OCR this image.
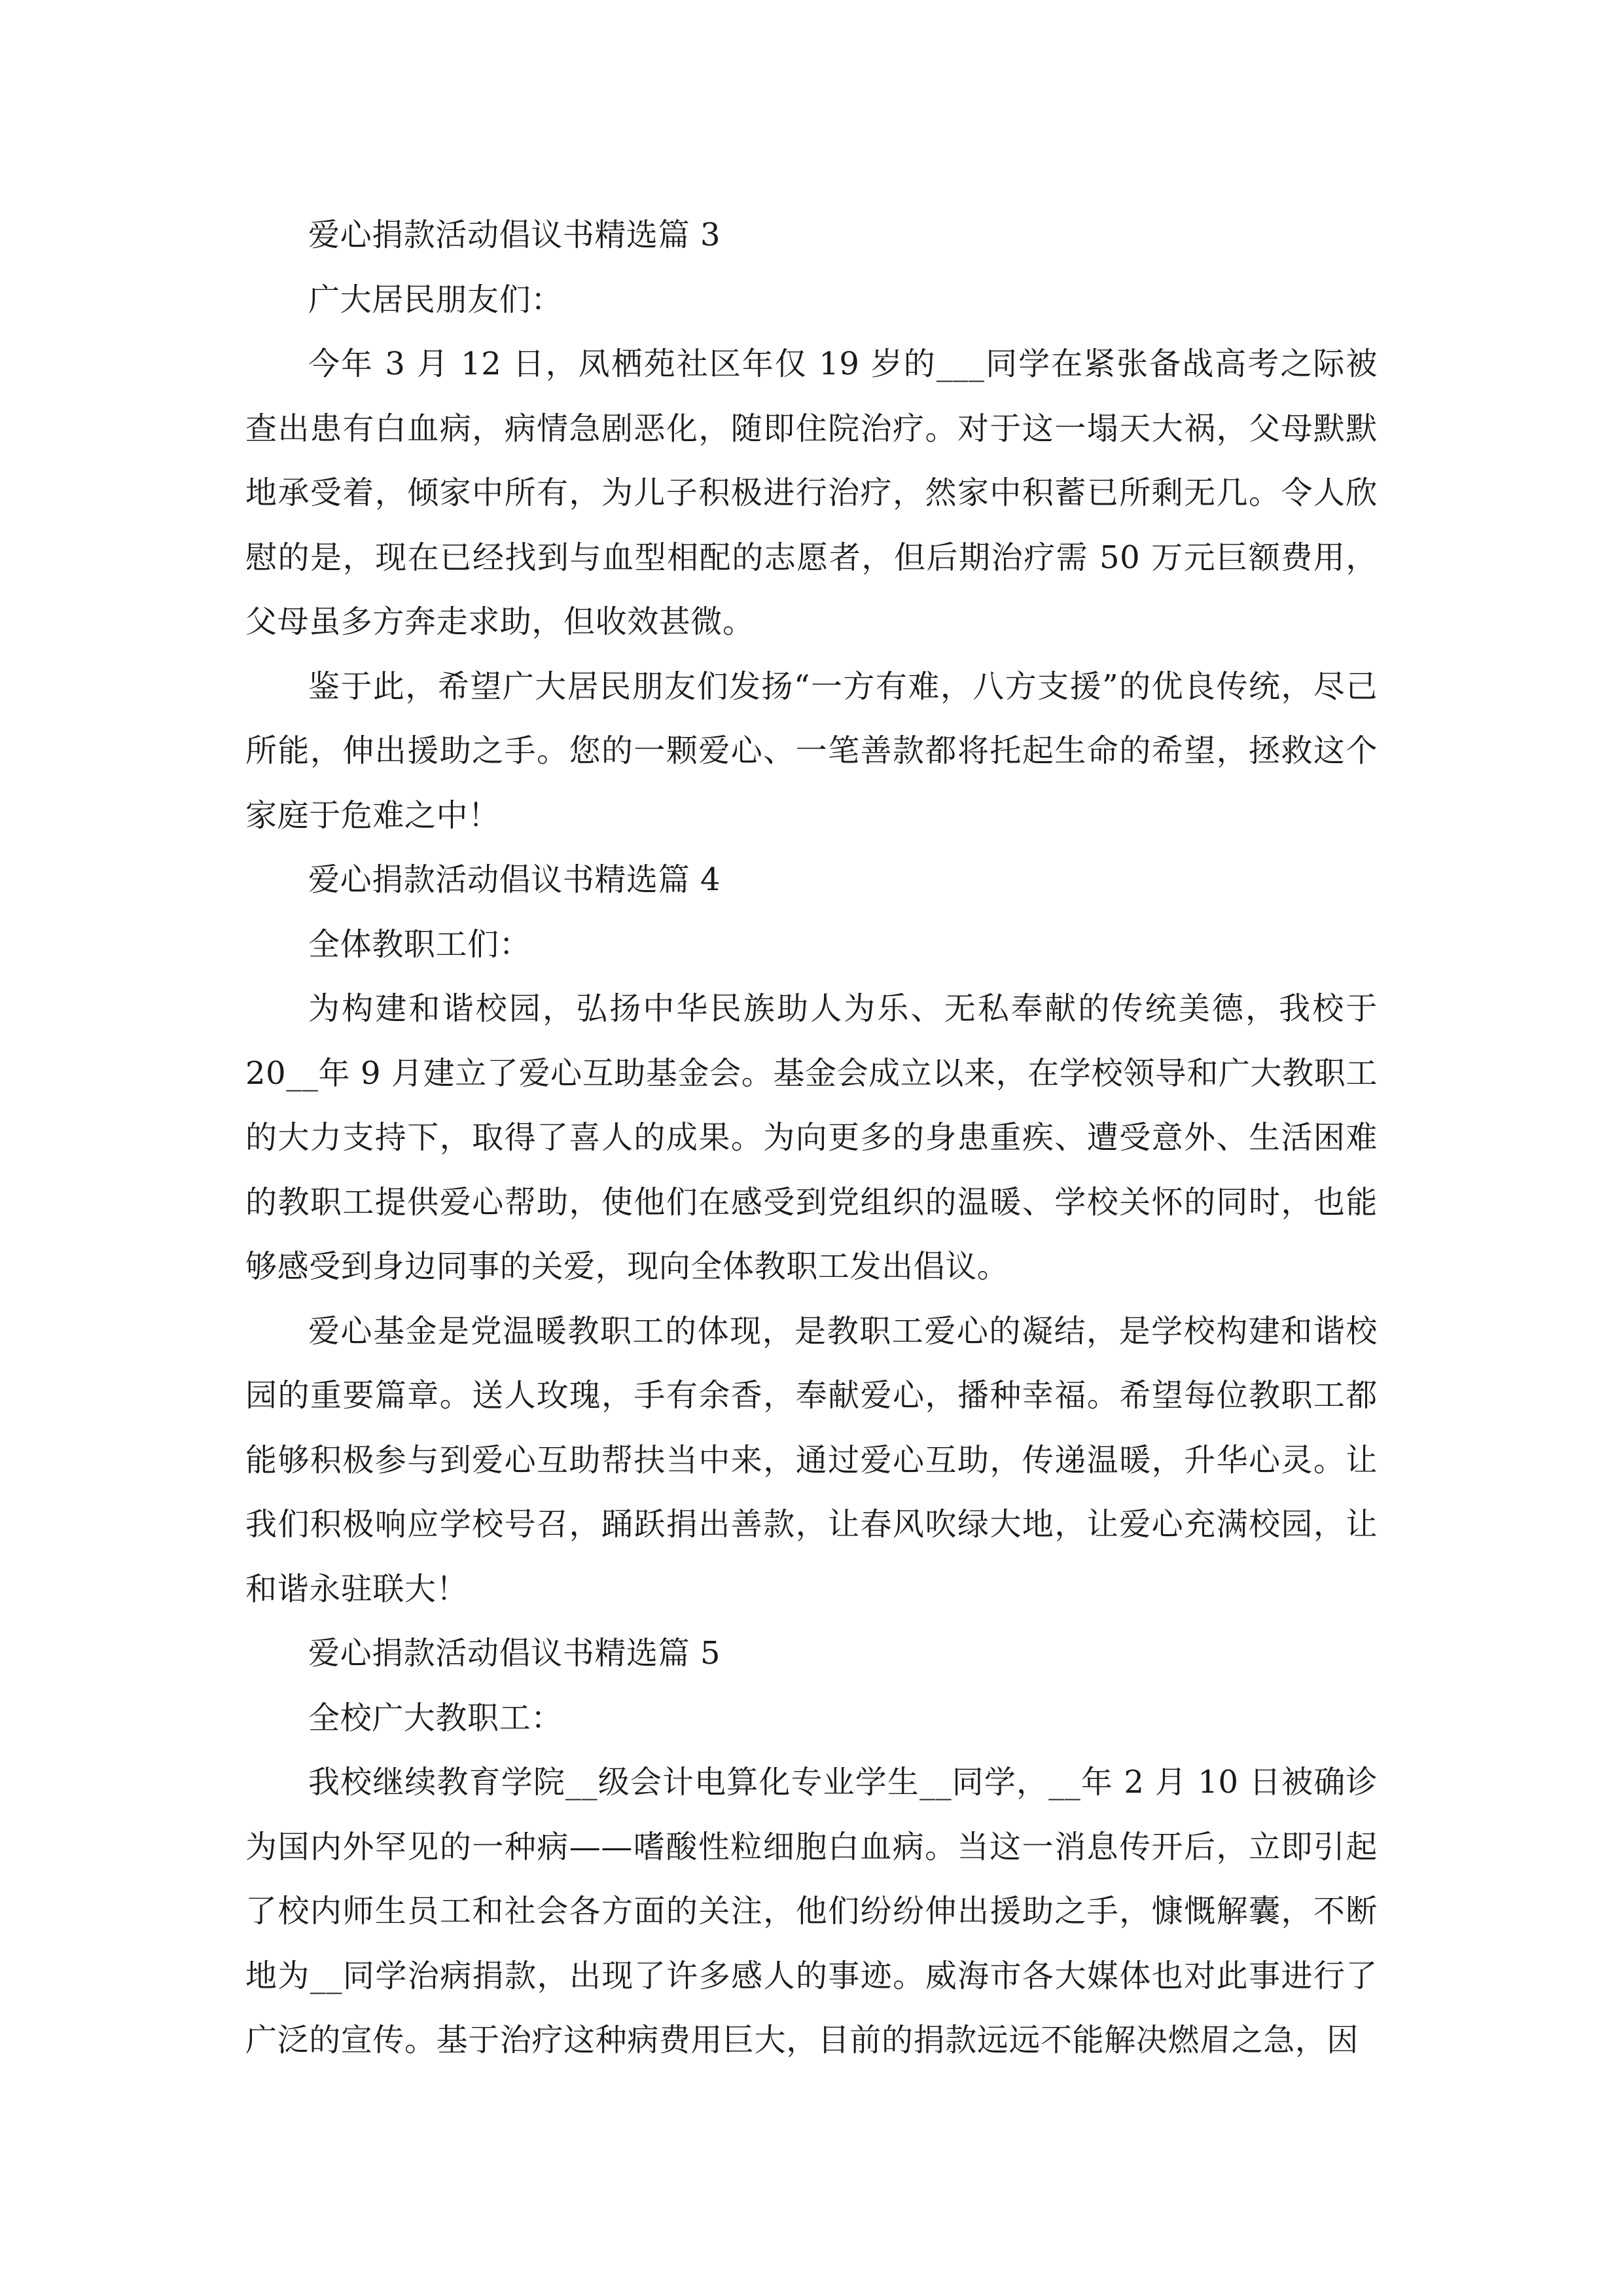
爱心捐款活动倡议书精选篇 3

广大居民朋友们：

今年 3 月 12 日，凤栖苑社区年仅 19 岁的___同学在紧张备战高考之际被查出患有白血病，病情急剧恶化，随即住院治疗。对于这一塌天大祸，父母默默地承受着，倾家中所有，为儿子积极进行治疗，然家中积蓄已所剩无几。令人欣慰的是，现在已经找到与血型相配的志愿者，但后期治疗需 50 万元巨额费用，父母虽多方奔走求助，但收效甚微。

鉴于此，希望广大居民朋友们发扬“一方有难，八方支援”的优良传统，尽己所能，伸出援助之手。您的一颗爱心、一笔善款都将托起生命的希望，拯救这个家庭于危难之中！

爱心捐款活动倡议书精选篇 4

全体教职工们：

为构建和谐校园，弘扬中华民族助人为乐、无私奉献的传统美德，我校于 20__年 9 月建立了爱心互助基金会。基金会成立以来，在学校领导和广大教职工的大力支持下，取得了喜人的成果。为向更多的身患重疾、遭受意外、生活困难的教职工提供爱心帮助，使他们在感受到党组织的温暖、学校关怀的同时，也能够感受到身边同事的关爱，现向全体教职工发出倡议。

爱心基金是党温暖教职工的体现，是教职工爱心的凝结，是学校构建和谐校园的重要篇章。送人玫瑰，手有余香，奉献爱心，播种幸福。希望每位教职工都能够积极参与到爱心互助帮扶当中来，通过爱心互助，传递温暖，升华心灵。让我们积极响应学校号召，踊跃捐出善款，让春风吹绿大地，让爱心充满校园，让和谐永驻联大！

爱心捐款活动倡议书精选篇 5

全校广大教职工：

我校继续教育学院__级会计电算化专业学生__同学，__年 2 月 10 日被确诊为国内外罕见的一种病——嗜酸性粒细胞白血病。当这一消息传开后，立即引起了校内师生员工和社会各方面的关注，他们纷纷伸出援助之手，慷慨解囊，不断地为__同学治病捐款，出现了许多感人的事迹。威海市各大媒体也对此事进行了广泛的宣传。基于治疗这种病费用巨大，目前的捐款远远不能解决燃眉之急，因
